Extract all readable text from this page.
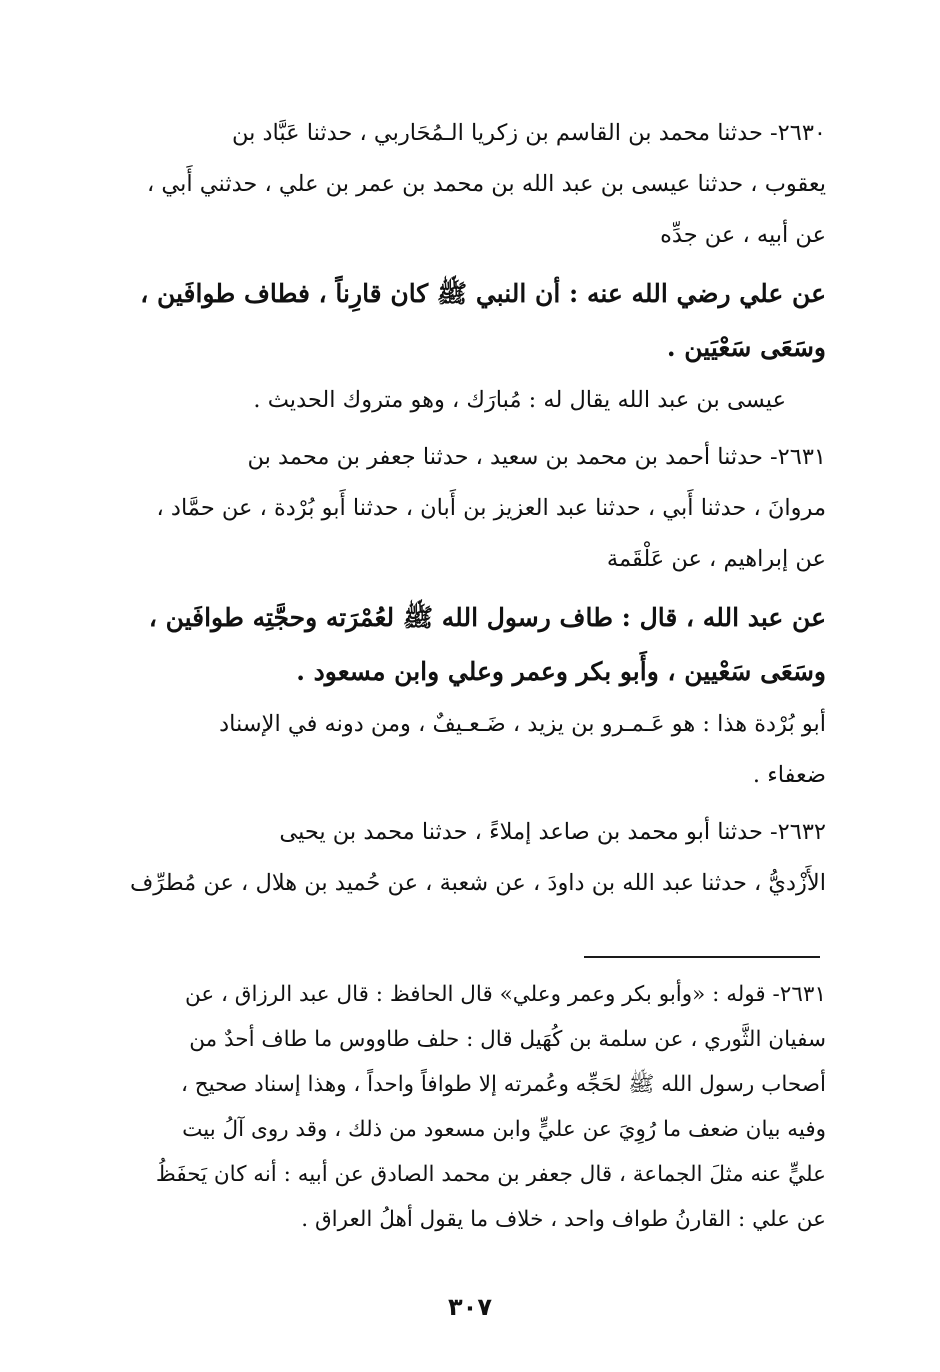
٢٦٣٠- حدثنا محمد بن القاسم بن زكريا الـمُحَاربي ، حدثنا عَبَّاد بن
يعقوب ، حدثنا عيسى بن عبد الله بن محمد بن عمر بن علي ، حدثني أَبي ،
عن أبيه ، عن جدِّه
عن علي رضي الله عنه : أن النبي ﷺ كان قارِناً ، فطاف طوافَين ،
وسَعَى سَعْيَين .
عيسى بن عبد الله يقال له : مُبارَك ، وهو متروك الحديث .
٢٦٣١- حدثنا أحمد بن محمد بن سعيد ، حدثنا جعفر بن محمد بن
مروانَ ، حدثنا أَبي ، حدثنا عبد العزيز بن أَبان ، حدثنا أَبو بُرْدة ، عن حمَّاد ،
عن إبراهيم ، عن عَلْقَمة
عن عبد الله ، قال : طاف رسول الله ﷺ لعُمْرَته وحجَّتِه طوافَين ،
وسَعَى سَعْيين ، وأَبو بكر وعمر وعلي وابن مسعود .
أبو بُرْدة هذا : هو عَـمـرو بن يزيد ، ضَـعـيفٌ ، ومن دونه في الإسناد
ضعفاء .
٢٦٣٢- حدثنا أبو محمد بن صاعد إملاءً ، حدثنا محمد بن يحيى
الأَزْديُّ ، حدثنا عبد الله بن داودَ ، عن شعبة ، عن حُميد بن هلال ، عن مُطرِّف
٢٦٣١- قوله : «وأبو بكر وعمر وعلي» قال الحافظ : قال عبد الرزاق ، عن
سفيان الثَّوري ، عن سلمة بن كُهَيل قال : حلف طاووس ما طاف أحدٌ من
أصحاب رسول الله ﷺ لحَجِّه وعُمرته إلا طوافاً واحداً ، وهذا إسناد صحيح ،
وفيه بيان ضعف ما رُوِيَ عن عليٍّ وابن مسعود من ذلك ، وقد روى آلُ بيت
عليٍّ عنه مثلَ الجماعة ، قال جعفر بن محمد الصادق عن أبيه : أنه كان يَحفَظُ
عن علي : القارنُ طواف واحد ، خلاف ما يقول أهلُ العراق .
٣٠٧
